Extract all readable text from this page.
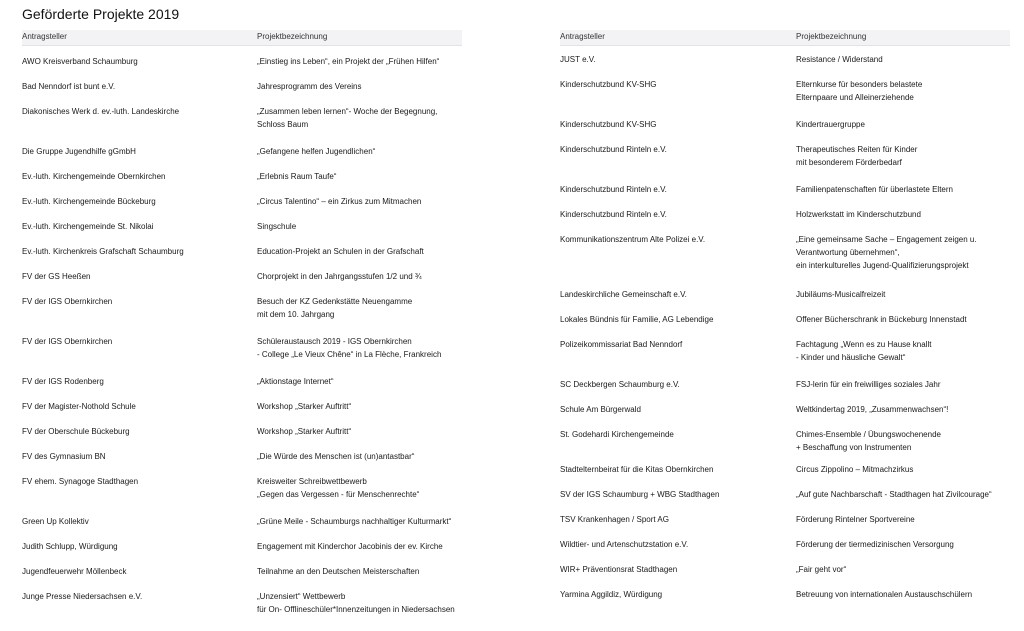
Geförderte Projekte 2019
Antragsteller	Projektbezeichnung
AWO Kreisverband Schaumburg	„Einstieg ins Leben“, ein Projekt der „Frühen Hilfen“
Bad Nenndorf ist bunt e.V.	Jahresprogramm des Vereins
Diakonisches Werk d. ev.-luth. Landeskirche	„Zusammen leben lernen“- Woche der Begegnung,
Schloss Baum
Die Gruppe Jugendhilfe gGmbH	„Gefangene helfen Jugendlichen“
Ev.-luth. Kirchengemeinde Obernkirchen	„Erlebnis Raum Taufe“
Ev.-luth. Kirchengemeinde Bückeburg	„Circus Talentino“ – ein Zirkus zum Mitmachen
Ev.-luth. Kirchengemeinde St. Nikolai	Singschule
Ev.-luth. Kirchenkreis Grafschaft Schaumburg	Education-Projekt an Schulen in der Grafschaft
FV der GS Heeßen	Chorprojekt in den Jahrgangsstufen 1/2 und ¾
FV der IGS Obernkirchen	Besuch der KZ Gedenkstätte Neuengamme
mit dem 10. Jahrgang
FV der IGS Obernkirchen	Schüleraustausch 2019 - IGS Obernkirchen
- College „Le Vieux Chêne“ in La Flèche, Frankreich
FV der IGS Rodenberg	„Aktionstage Internet“
FV der Magister-Nothold Schule	Workshop „Starker Auftritt“
FV der Oberschule Bückeburg	Workshop „Starker Auftritt“
FV des Gymnasium BN	„Die Würde des Menschen ist (un)antastbar“
FV ehem. Synagoge Stadthagen	Kreisweiter Schreibwettbewerb
„Gegen das Vergessen - für Menschenrechte“
Green Up Kollektiv	„Grüne Meile - Schaumburgs nachhaltiger Kulturmarkt“
Judith Schlupp, Würdigung	Engagement mit Kinderchor Jacobinis der ev. Kirche
Jugendfeuerwehr Möllenbeck	Teilnahme an den Deutschen Meisterschaften
Junge Presse Niedersachsen e.V.	„Unzensiert“ Wettbewerb
für On- Offlineschüler*Innenzeitungen in Niedersachsen
Antragsteller	Projektbezeichnung
JUST e.V.	Resistance / Widerstand
Kinderschutzbund KV-SHG	Elternkurse für besonders belastete
Elternpaare und Alleinerziehende
Kinderschutzbund KV-SHG	Kindertrauergruppe
Kinderschutzbund Rinteln e.V.	Therapeutisches Reiten für Kinder
mit besonderem Förderbedarf
Kinderschutzbund Rinteln e.V.	Familienpatenschaften für überlastete Eltern
Kinderschutzbund Rinteln e.V.	Holzwerkstatt im Kinderschutzbund
Kommunikationszentrum Alte Polizei e.V.	„Eine gemeinsame Sache – Engagement zeigen u.
Verantwortung übernehmen“,
ein interkulturelles Jugend-Qualifizierungsprojekt
Landeskirchliche Gemeinschaft e.V.	Jubiläums-Musicalfreizeit
Lokales Bündnis für Familie, AG Lebendige	Offener Bücherschrank in Bückeburg Innenstadt
Polizeikommissariat Bad Nenndorf	Fachtagung „Wenn es zu Hause knallt
- Kinder und häusliche Gewalt“
SC Deckbergen Schaumburg e.V.	FSJ-lerin für ein freiwilliges soziales Jahr
Schule Am Bürgerwald	Weltkindertag 2019, „Zusammenwachsen“!
St. Godehardi Kirchengemeinde	Chimes-Ensemble / Übungswochenende
+ Beschaffung von Instrumenten
Stadtelternbeirat für die Kitas Obernkirchen	Circus Zippolino – Mitmachzirkus
SV der IGS Schaumburg + WBG Stadthagen	„Auf gute Nachbarschaft - Stadthagen hat Zivilcourage“
TSV Krankenhagen / Sport AG	Förderung Rintelner Sportvereine
Wildtier- und Artenschutzstation e.V.	Förderung der tiermedizinischen Versorgung
WIR+ Präventionsrat Stadthagen	„Fair geht vor“
Yarmina Aggildiz, Würdigung	Betreuung von internationalen Austauschschülern
